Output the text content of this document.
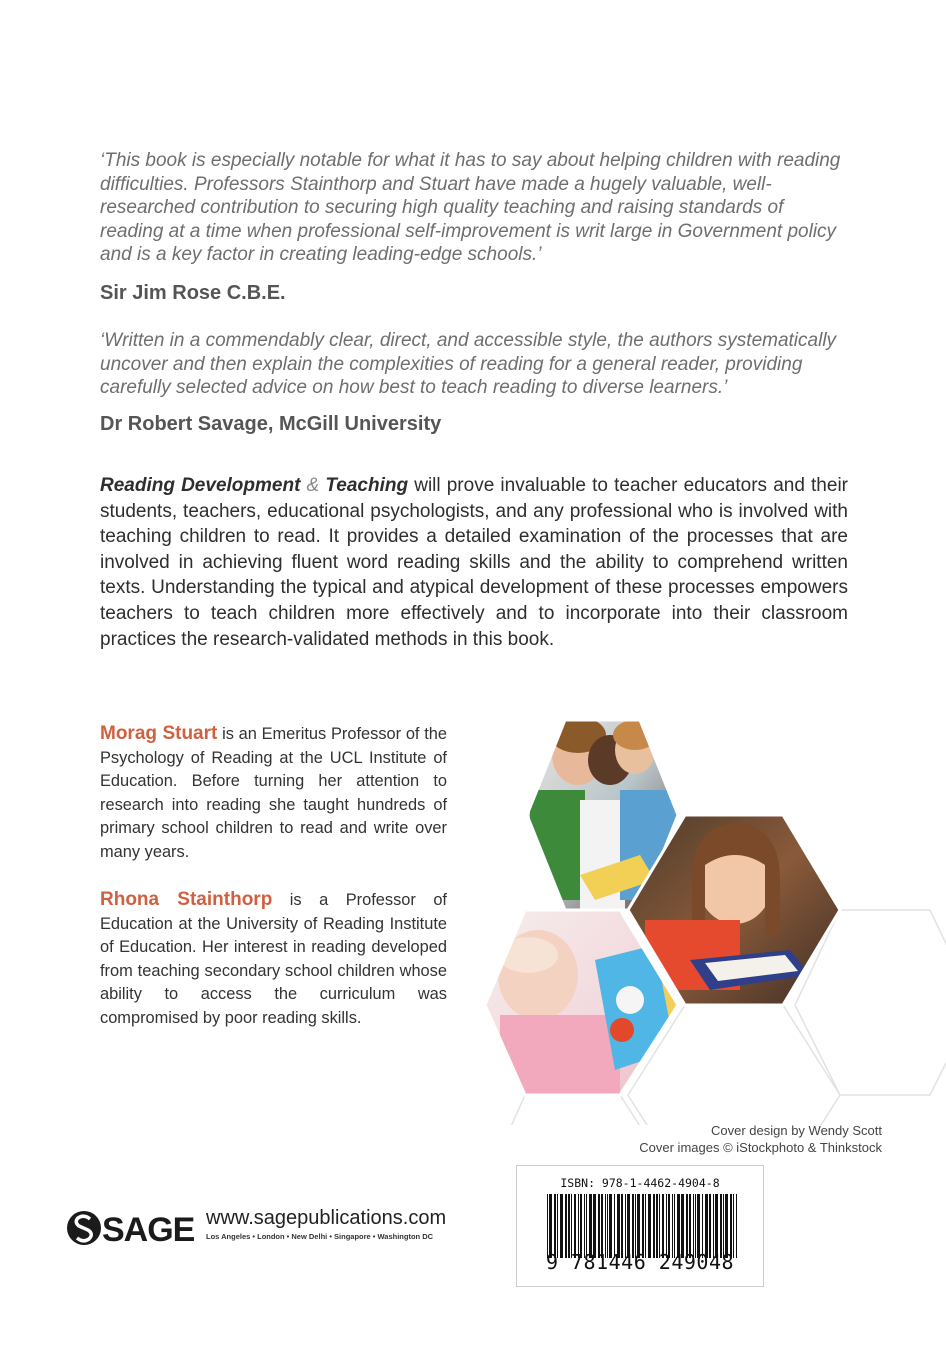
‘This book is especially notable for what it has to say about helping children with reading difficulties. Professors Stainthorp and Stuart have made a hugely valuable, well-researched contribution to securing high quality teaching and raising standards of reading at a time when professional self-improvement is writ large in Government policy and is a key factor in creating leading-edge schools.’

Sir Jim Rose C.B.E.

‘Written in a commendably clear, direct, and accessible style, the authors systematically uncover and then explain the complexities of reading for a general reader, providing carefully selected advice on how best to teach reading to diverse learners.’

Dr Robert Savage, McGill University

Reading Development & Teaching will prove invaluable to teacher educators and their students, teachers, educational psychologists, and any professional who is involved with teaching children to read. It provides a detailed examination of the processes that are involved in achieving fluent word reading skills and the ability to comprehend written texts. Understanding the typical and atypical development of these processes empowers teachers to teach children more effectively and to incorporate into their classroom practices the research-validated methods in this book.

Morag Stuart is an Emeritus Professor of the Psychology of Reading at the UCL Institute of Education. Before turning her attention to research into reading she taught hundreds of primary school children to read and write over many years.

Rhona Stainthorp is a Professor of Education at the University of Reading Institute of Education. Her interest in reading developed from teaching secondary school children whose ability to access the curriculum was compromised by poor reading skills.

Cover design by Wendy Scott
Cover images © iStockphoto & Thinkstock
ISBN: 978-1-4462-4904-8
9 781446 249048
SAGE www.sagepublications.com

Los Angeles • London • New Delhi • Singapore • Washington DC
